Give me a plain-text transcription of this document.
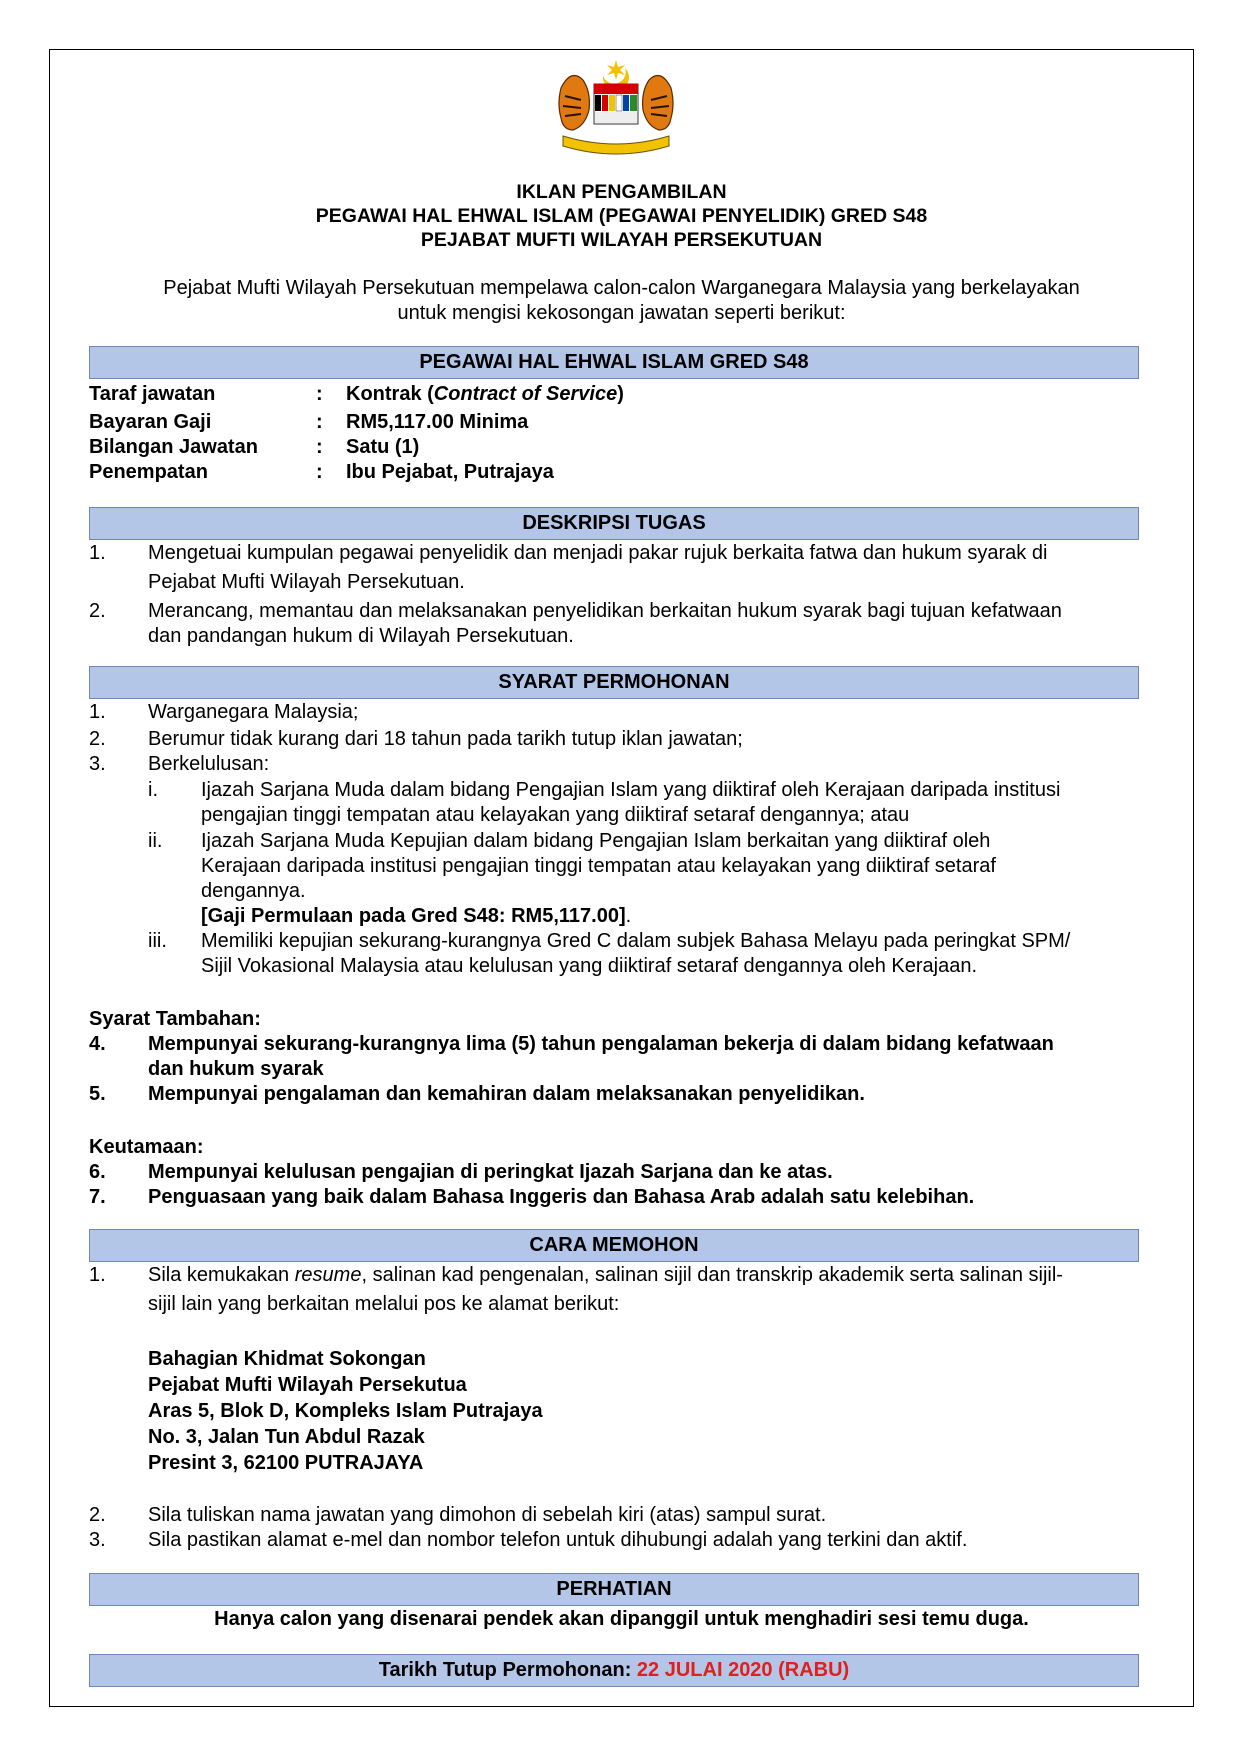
IKLAN PENGAMBILAN
PEGAWAI HAL EHWAL ISLAM (PEGAWAI PENYELIDIK) GRED S48
PEJABAT MUFTI WILAYAH PERSEKUTUAN
Pejabat Mufti Wilayah Persekutuan mempelawa calon-calon Warganegara Malaysia yang berkelayakan
untuk mengisi kekosongan jawatan seperti berikut:
PEGAWAI HAL EHWAL ISLAM GRED S48
Taraf jawatan	: Kontrak (Contract of Service)
Bayaran Gaji	: RM5,117.00 Minima
Bilangan Jawatan	: Satu (1)
Penempatan	: Ibu Pejabat, Putrajaya
DESKRIPSI TUGAS
1. Mengetuai kumpulan pegawai penyelidik dan menjadi pakar rujuk berkaita fatwa dan hukum syarak di
Pejabat Mufti Wilayah Persekutuan.
2. Merancang, memantau dan melaksanakan penyelidikan berkaitan hukum syarak bagi tujuan kefatwaan
dan pandangan hukum di Wilayah Persekutuan.
SYARAT PERMOHONAN
1. Warganegara Malaysia;
2. Berumur tidak kurang dari 18 tahun pada tarikh tutup iklan jawatan;
3. Berkelulusan:
i. Ijazah Sarjana Muda dalam bidang Pengajian Islam yang diiktiraf oleh Kerajaan daripada institusi
pengajian tinggi tempatan atau kelayakan yang diiktiraf setaraf dengannya; atau
ii. Ijazah Sarjana Muda Kepujian dalam bidang Pengajian Islam berkaitan yang diiktiraf oleh
Kerajaan daripada institusi pengajian tinggi tempatan atau kelayakan yang diiktiraf setaraf
dengannya.
[Gaji Permulaan pada Gred S48: RM5,117.00].
iii. Memiliki kepujian sekurang-kurangnya Gred C dalam subjek Bahasa Melayu pada peringkat SPM/
Sijil Vokasional Malaysia atau kelulusan yang diiktiraf setaraf dengannya oleh Kerajaan.
Syarat Tambahan:
4. Mempunyai sekurang-kurangnya lima (5) tahun pengalaman bekerja di dalam bidang kefatwaan
dan hukum syarak
5. Mempunyai pengalaman dan kemahiran dalam melaksanakan penyelidikan.
Keutamaan:
6. Mempunyai kelulusan pengajian di peringkat Ijazah Sarjana dan ke atas.
7. Penguasaan yang baik dalam Bahasa Inggeris dan Bahasa Arab adalah satu kelebihan.
CARA MEMOHON
1. Sila kemukakan resume, salinan kad pengenalan, salinan sijil dan transkrip akademik serta salinan sijil-
sijil lain yang berkaitan melalui pos ke alamat berikut:
Bahagian Khidmat Sokongan
Pejabat Mufti Wilayah Persekutua
Aras 5, Blok D, Kompleks Islam Putrajaya
No. 3, Jalan Tun Abdul Razak
Presint 3, 62100 PUTRAJAYA
2. Sila tuliskan nama jawatan yang dimohon di sebelah kiri (atas) sampul surat.
3. Sila pastikan alamat e-mel dan nombor telefon untuk dihubungi adalah yang terkini dan aktif.
PERHATIAN
Hanya calon yang disenarai pendek akan dipanggil untuk menghadiri sesi temu duga.
Tarikh Tutup Permohonan: 22 JULAI 2020 (RABU)
